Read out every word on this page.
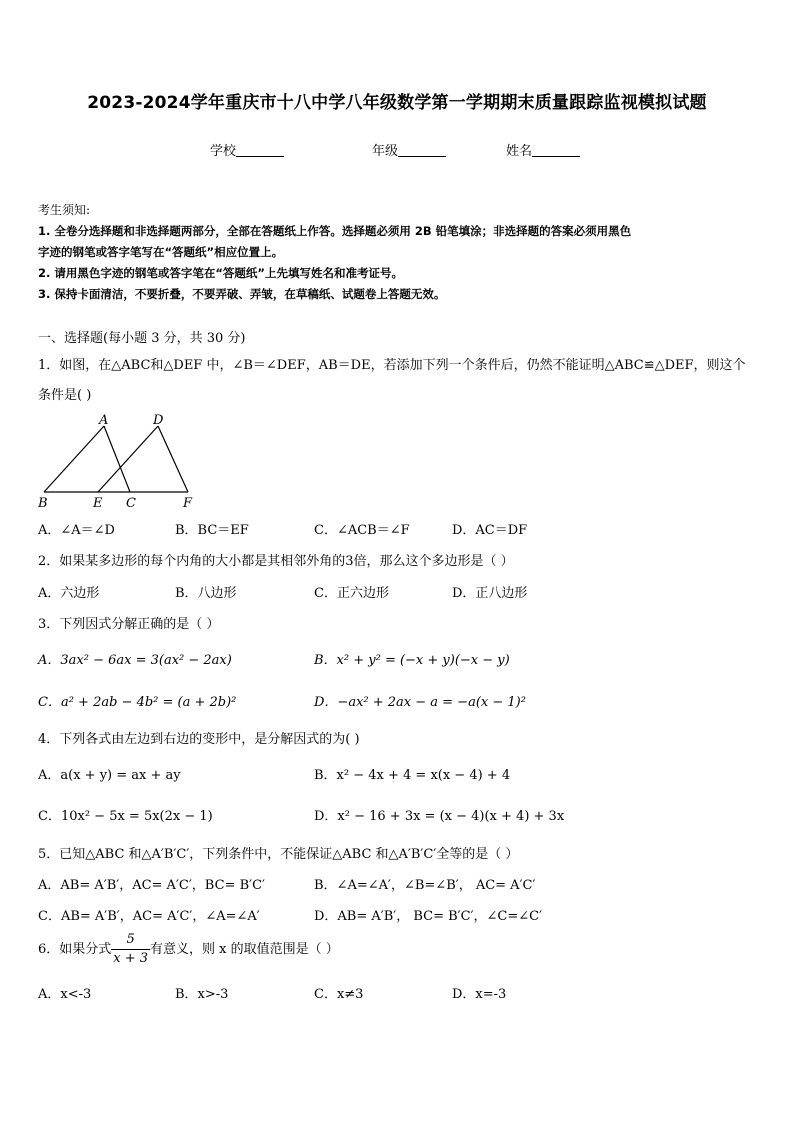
2023-2024学年重庆市十八中学八年级数学第一学期期末质量跟踪监视模拟试题
学校	年级	姓名
考生须知:
1. 全卷分选择题和非选择题两部分，全部在答题纸上作答。选择题必须用 2B 铅笔填涂；非选择题的答案必须用黑色
字迹的钢笔或答字笔写在“答题纸”相应位置上。
2. 请用黑色字迹的钢笔或答字笔在“答题纸”上先填写姓名和准考证号。
3. 保持卡面清洁，不要折叠，不要弄破、弄皱，在草稿纸、试题卷上答题无效。
一、选择题(每小题 3 分，共 30 分)
1．如图，在△ABC和△DEF 中，∠B＝∠DEF，AB＝DE，若添加下列一个条件后，仍然不能证明△ABC≌△DEF，则这个
条件是( )
A	D
B	E C	F
A．∠A＝∠D	B．BC＝EF	C．∠ACB＝∠F	D．AC＝DF
2．如果某多边形的每个内角的大小都是其相邻外角的3倍，那么这个多边形是（ ）
A．六边形	B．八边形	C．正六边形	D．正八边形
3．下列因式分解正确的是（ ）
A．3ax² − 6ax = 3(ax² − 2ax)	B．x² + y² = (−x + y)(−x − y)
C．a² + 2ab − 4b² = (a + 2b)²	D．−ax² + 2ax − a = −a(x − 1)²
4．下列各式由左边到右边的变形中，是分解因式的为( )
A．a(x + y) = ax + ay	B．x² − 4x + 4 = x(x − 4) + 4
C．10x² − 5x = 5x(2x − 1)	D．x² − 16 + 3x = (x − 4)(x + 4) + 3x
5．已知△ABC 和△A′B′C′，下列条件中，不能保证△ABC 和△A′B′C′全等的是（ ）
A．AB= A′B′，AC= A′C′，BC= B′C′	B．∠A=∠A′，∠B=∠B′， AC= A′C′
C．AB= A′B′，AC= A′C′，∠A=∠A′	D．AB= A′B′， BC= B′C′，∠C=∠C′
6．如果分式 $\frac{5}{x + 3}$ 有意义，则 x 的取值范围是（ ）
A．x<-3	B．x>-3	C．x≠3	D．x=-3
